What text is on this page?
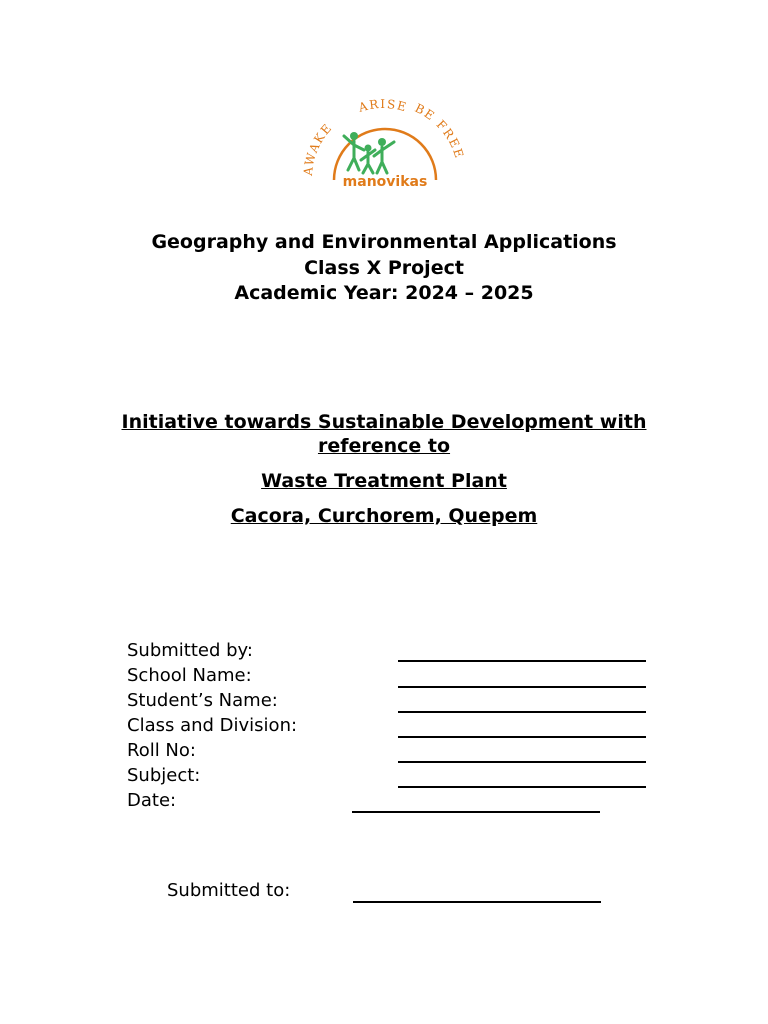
AWAKE
ARISE BE FREE
manovikas
Geography and Environmental Applications
Class X Project
Academic Year: 2024 – 2025
Initiative towards Sustainable Development with
reference to
Waste Treatment Plant
Cacora, Curchorem, Quepem
Submitted by:
School Name:
Student’s Name:
Class and Division:
Roll No:
Subject:
Date:
Submitted to:
